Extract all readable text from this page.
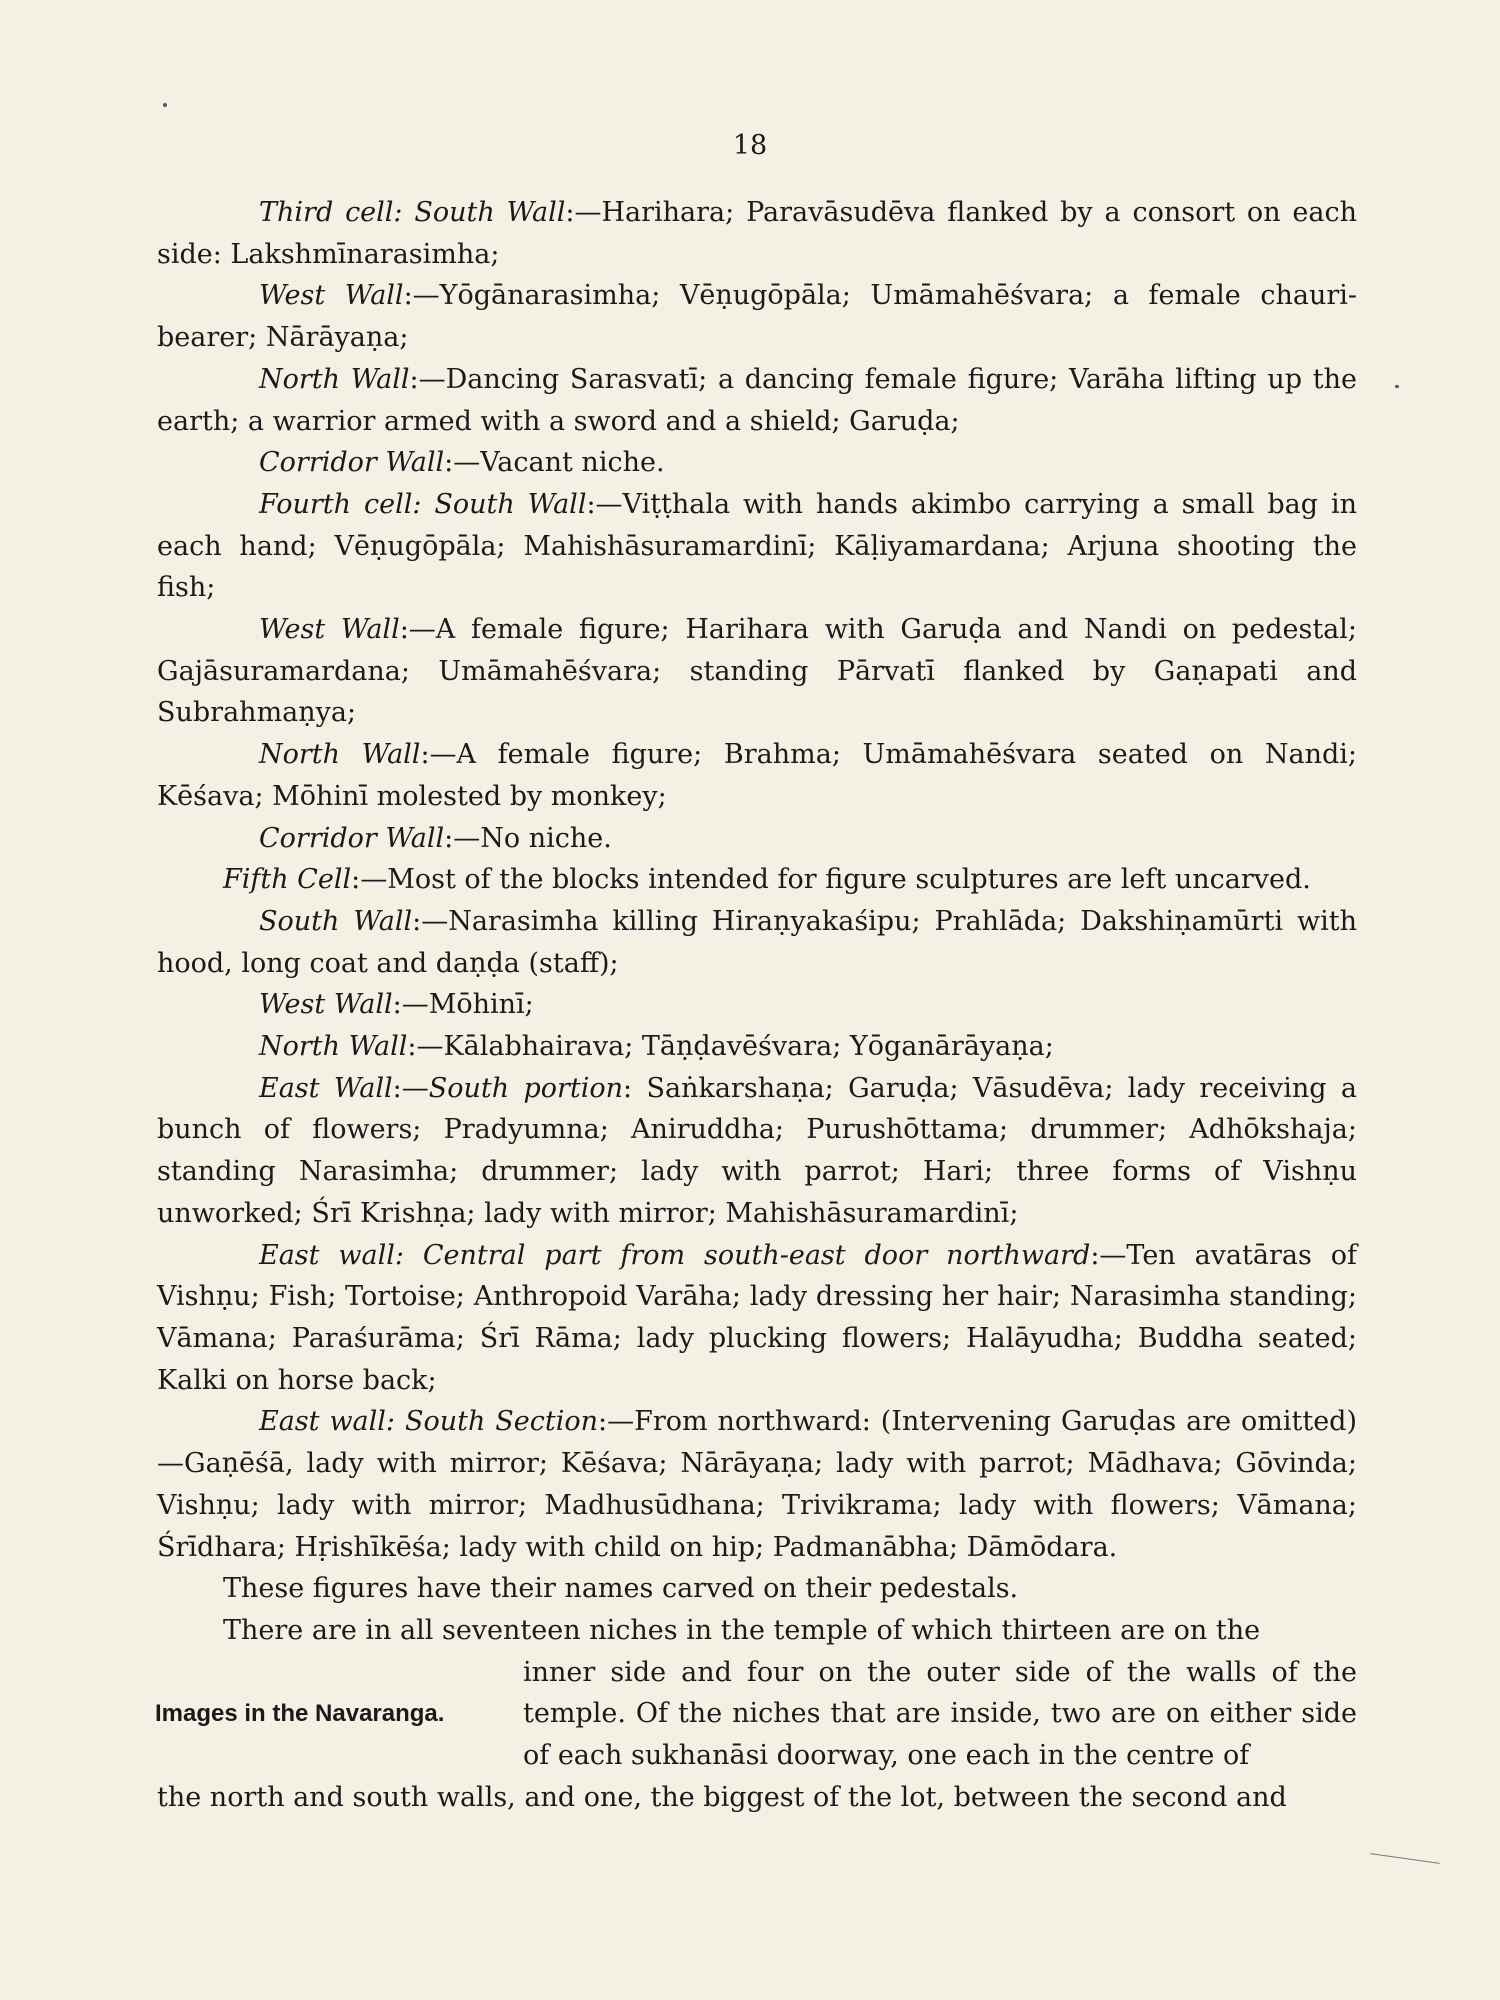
18

Third cell: South Wall:—Harihara; Paravāsudēva flanked by a consort on each side: Lakshmīnarasimha;

West Wall:—Yōgānarasimha; Vēṇugōpāla; Umāmahēśvara; a female chauri-bearer; Nārāyaṇa;

North Wall:—Dancing Sarasvatī; a dancing female figure; Varāha lifting up the earth; a warrior armed with a sword and a shield; Garuḍa;

Corridor Wall:—Vacant niche.

Fourth cell: South Wall:—Viṭṭhala with hands akimbo carrying a small bag in each hand; Vēṇugōpāla; Mahishāsuramardinī; Kāḷiyamardana; Arjuna shooting the fish;

West Wall:—A female figure; Harihara with Garuḍa and Nandi on pedestal; Gajāsuramardana; Umāmahēśvara; standing Pārvatī flanked by Gaṇapati and Subrahmaṇya;

North Wall:—A female figure; Brahma; Umāmahēśvara seated on Nandi; Kēśava; Mōhinī molested by monkey;

Corridor Wall:—No niche.

Fifth Cell:—Most of the blocks intended for figure sculptures are left uncarved.

South Wall:—Narasimha killing Hiraṇyakaśipu; Prahlāda; Dakshiṇamūrti with hood, long coat and daṇḍa (staff);

West Wall:—Mōhinī;

North Wall:—Kālabhairava; Tāṇḍavēśvara; Yōganārāyaṇa;

East Wall:—South portion: Saṅkarshaṇa; Garuḍa; Vāsudēva; lady receiving a bunch of flowers; Pradyumna; Aniruddha; Purushōttama; drummer; Adhōkshaja; standing Narasimha; drummer; lady with parrot; Hari; three forms of Vishṇu unworked; Śrī Krishṇa; lady with mirror; Mahishāsuramardinī;

East wall: Central part from south-east door northward:—Ten avatāras of Vishṇu; Fish; Tortoise; Anthropoid Varāha; lady dressing her hair; Narasimha standing; Vāmana; Paraśurāma; Śrī Rāma; lady plucking flowers; Halāyudha; Buddha seated; Kalki on horse back;

East wall: South Section:—From northward: (Intervening Garuḍas are omitted)—Gaṇēśā, lady with mirror; Kēśava; Nārāyaṇa; lady with parrot; Mādhava; Gōvinda; Vishṇu; lady with mirror; Madhusūdhana; Trivikrama; lady with flowers; Vāmana; Śrīdhara; Hṛishīkēśa; lady with child on hip; Padmanābha; Dāmōdara.

These figures have their names carved on their pedestals.

There are in all seventeen niches in the temple of which thirteen are on the

Images in the Navaranga.
inner side and four on the outer side of the walls of the temple. Of the niches that are inside, two are on either side of each sukhanāsi doorway, one each in the centre of

the north and south walls, and one, the biggest of the lot, between the second and
